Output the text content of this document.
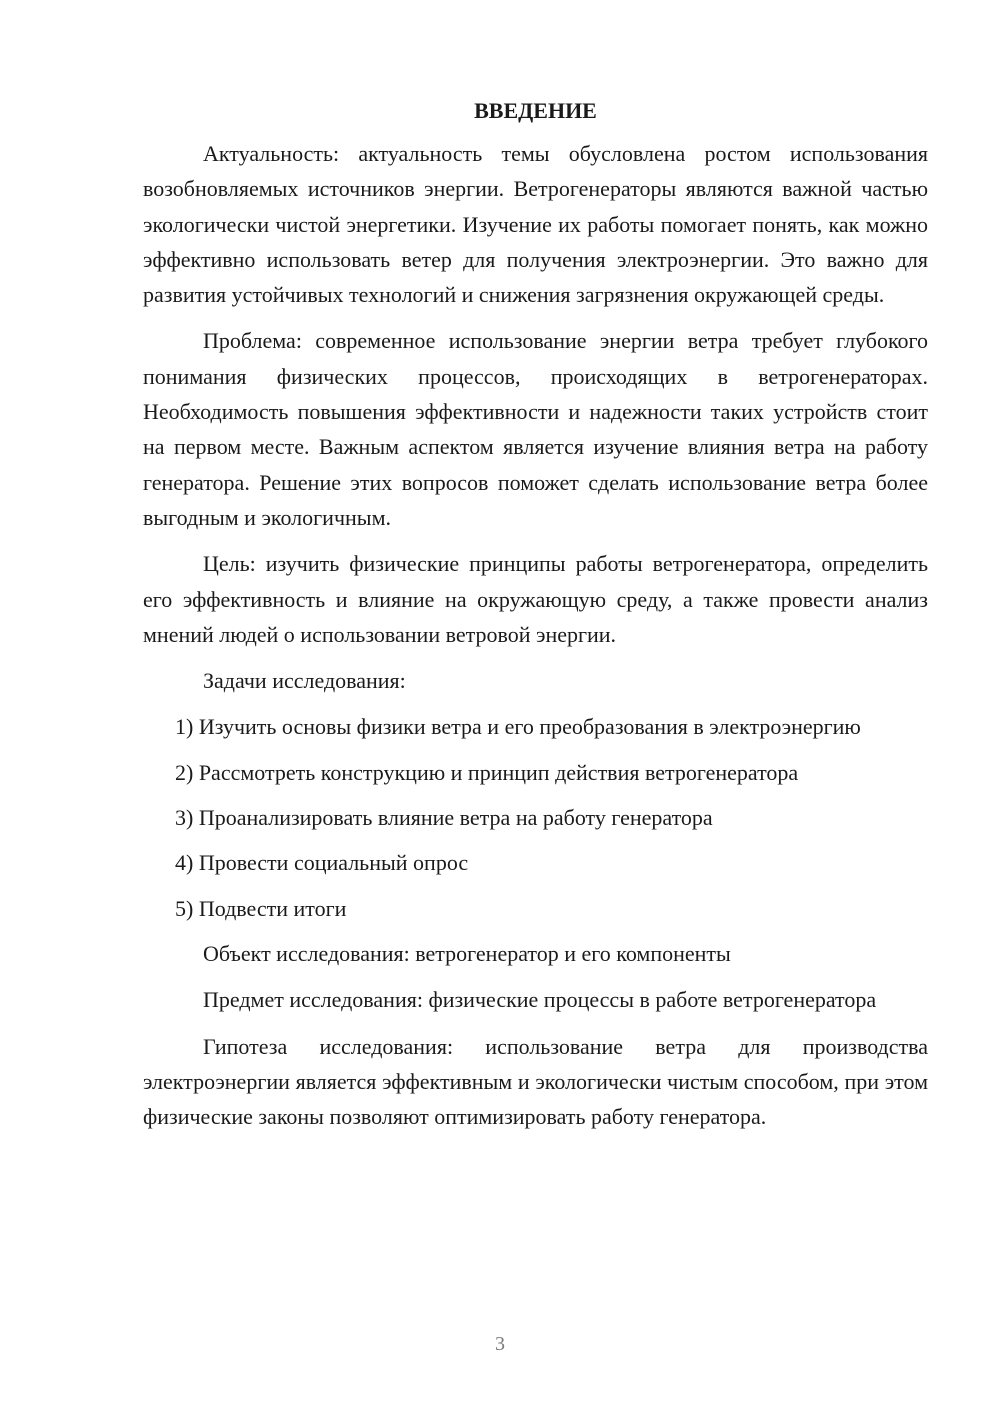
ВВЕДЕНИЕ
Актуальность: актуальность темы обусловлена ростом использования возобновляемых источников энергии. Ветрогенераторы являются важной частью экологически чистой энергетики. Изучение их работы помогает понять, как можно эффективно использовать ветер для получения электроэнергии. Это важно для развития устойчивых технологий и снижения загрязнения окружающей среды.
Проблема: современное использование энергии ветра требует глубокого понимания физических процессов, происходящих в ветрогенераторах. Необходимость повышения эффективности и надежности таких устройств стоит на первом месте. Важным аспектом является изучение влияния ветра на работу генератора. Решение этих вопросов поможет сделать использование ветра более выгодным и экологичным.
Цель: изучить физические принципы работы ветрогенератора, определить его эффективность и влияние на окружающую среду, а также провести анализ мнений людей о использовании ветровой энергии.
Задачи исследования:
1) Изучить основы физики ветра и его преобразования в электроэнергию
2) Рассмотреть конструкцию и принцип действия ветрогенератора
3) Проанализировать влияние ветра на работу генератора
4) Провести социальный опрос
5) Подвести итоги
Объект исследования: ветрогенератор и его компоненты
Предмет исследования: физические процессы в работе ветрогенератора
Гипотеза исследования: использование ветра для производства электроэнергии является эффективным и экологически чистым способом, при этом физические законы позволяют оптимизировать работу генератора.
3
